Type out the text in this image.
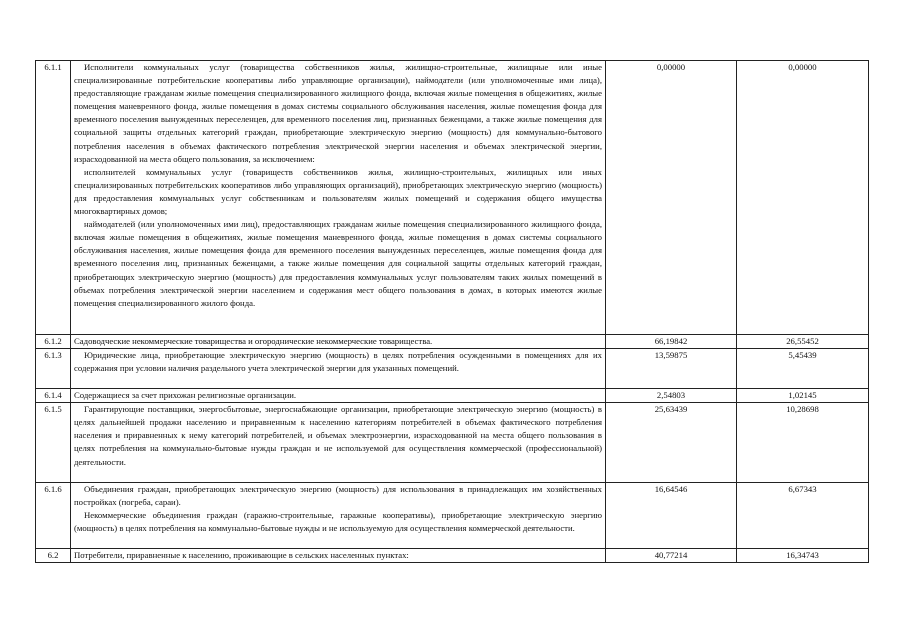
6.1.1	Исполнители коммунальных услуг (товарищества собственников жилья, жилищно-строительные, жилищные или иные специализированные потребительские кооперативы либо управляющие организации), наймодатели (или уполномоченные ими лица), предоставляющие гражданам жилые помещения специализированного жилищного фонда, включая жилые помещения в общежитиях, жилые помещения маневренного фонда, жилые помещения в домах системы социального обслуживания населения, жилые помещения фонда для временного поселения вынужденных переселенцев, для временного поселения лиц, признанных беженцами, а также жилые помещения для социальной защиты отдельных категорий граждан, приобретающие электрическую энергию (мощность) для коммунально-бытового потребления населения в объемах фактического потребления электрической энергии населения и объемах электрической энергии, израсходованной на места общего пользования, за исключением:

исполнителей коммунальных услуг (товариществ собственников жилья, жилищно-строительных, жилищных или иных специализированных потребительских кооперативов либо управляющих организаций), приобретающих электрическую энергию (мощность) для предоставления коммунальных услуг собственникам и пользователям жилых помещений и содержания общего имущества многоквартирных домов;

наймодателей (или уполномоченных ими лиц), предоставляющих гражданам жилые помещения специализированного жилищного фонда, включая жилые помещения в общежитиях, жилые помещения маневренного фонда, жилые помещения в домах системы социального обслуживания населения, жилые помещения фонда для временного поселения вынужденных переселенцев, жилые помещения фонда для временного поселения лиц, признанных беженцами, а также жилые помещения для социальной защиты отдельных категорий граждан, приобретающих электрическую энергию (мощность) для предоставления коммунальных услуг пользователям таких жилых помещений в объемах потребления электрической энергии населением и содержания мест общего пользования в домах, в которых имеются жилые помещения специализированного жилого фонда.	0,00000	0,00000
6.1.2	Садоводческие некоммерческие товарищества и огороднические некоммерческие товарищества.	66,19842	26,55452
6.1.3	Юридические лица, приобретающие электрическую энергию (мощность) в целях потребления осужденными в помещениях для их содержания при условии наличия раздельного учета электрической энергии для указанных помещений.	13,59875	5,45439
6.1.4	Содержащиеся за счет прихожан религиозные организации.	2,54803	1,02145
6.1.5	Гарантирующие поставщики, энергосбытовые, энергоснабжающие организации, приобретающие электрическую энергию (мощность) в целях дальнейшей продажи населению и приравненным к населению категориям потребителей в объемах фактического потребления населения и приравненных к нему категорий потребителей, и объемах электроэнергии, израсходованной на места общего пользования в целях потребления на коммунально-бытовые нужды граждан и не используемой для осуществления коммерческой (профессиональной) деятельности.	25,63439	10,28698
6.1.6	Объединения граждан, приобретающих электрическую энергию (мощность) для использования в принадлежащих им хозяйственных постройках (погреба, сараи).

Некоммерческие объединения граждан (гаражно-строительные, гаражные кооперативы), приобретающие электрическую энергию (мощность) в целях потребления на коммунально-бытовые нужды и не используемую для осуществления коммерческой деятельности.	16,64546	6,67343
6.2	Потребители, приравненные к населению, проживающие в сельских населенных пунктах:	40,77214	16,34743
